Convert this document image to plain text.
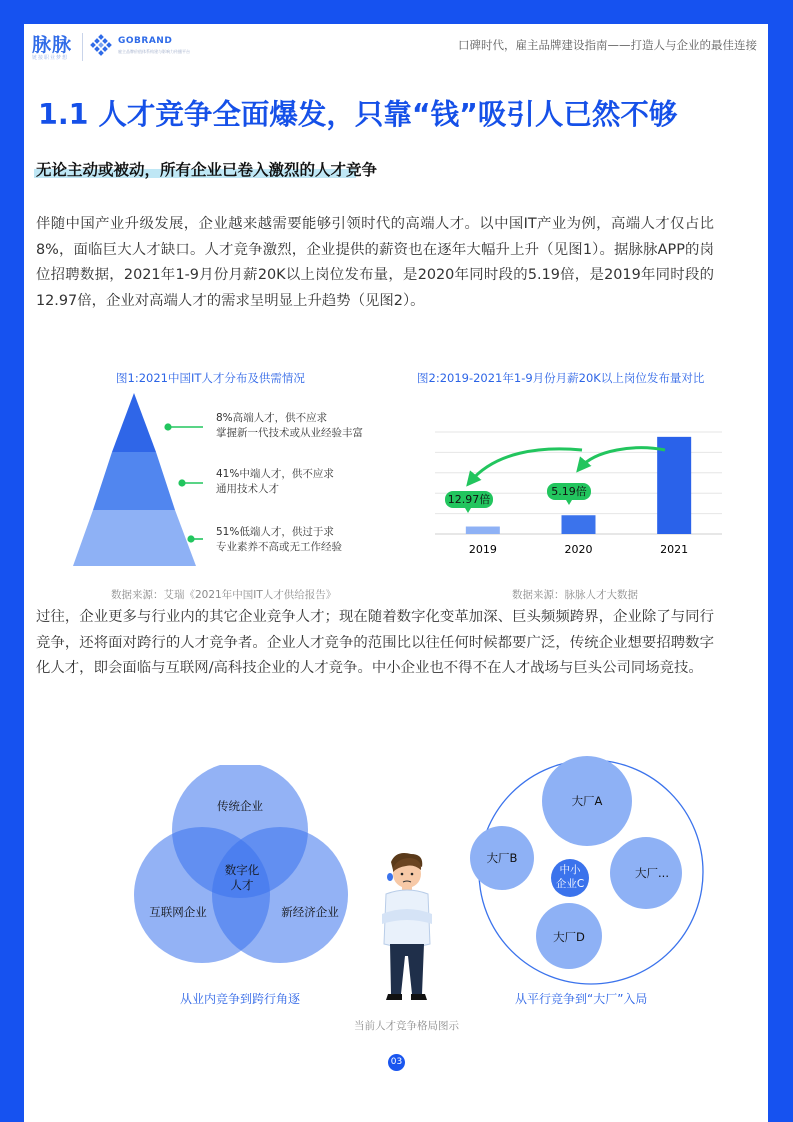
脉脉
链接职业梦想
GOBRAND
雇主品牌价值体系构建与影响力传播平台	口碑时代，雇主品牌建设指南——打造人与企业的最佳连接
1.1 人才竞争全面爆发，只靠“钱”吸引人已然不够
无论主动或被动，所有企业已卷入激烈的人才竞争
伴随中国产业升级发展，企业越来越需要能够引领时代的高端人才。以中国IT产业为例，高端人才仅占比8%，面临巨大人才缺口。人才竞争激烈，企业提供的薪资也在逐年大幅升上升（见图1）。据脉脉APP的岗位招聘数据，2021年1-9月份月薪20K以上岗位发布量，是2020年同时段的5.19倍，是2019年同时段的12.97倍，企业对高端人才的需求呈明显上升趋势（见图2）。
图1:2021中国IT人才分布及供需情况
8%高端人才，供不应求
掌握新一代技术或从业经验丰富
41%中端人才，供不应求
通用技术人才
51%低端人才，供过于求
专业素养不高或无工作经验
数据来源：艾瑞《2021年中国IT人才供给报告》
图2:2019-2021年1-9月份月薪20K以上岗位发布量对比
2019	2020	2021
12.97倍
5.19倍
数据来源：脉脉人才大数据
过往，企业更多与行业内的其它企业竞争人才；现在随着数字化变革加深、巨头频频跨界，企业除了与同行竞争，还将面对跨行的人才竞争者。企业人才竞争的范围比以往任何时候都要广泛，传统企业想要招聘数字化人才，即会面临与互联网/高科技企业的人才竞争。中小企业也不得不在人才战场与巨头公司同场竞技。
传统企业
互联网企业	新经济企业
数字化
人才
从业内竞争到跨行角逐
大厂A
大厂B
中小
企业C
大厂...
大厂D
从平行竞争到“大厂”入局
当前人才竞争格局图示
03
